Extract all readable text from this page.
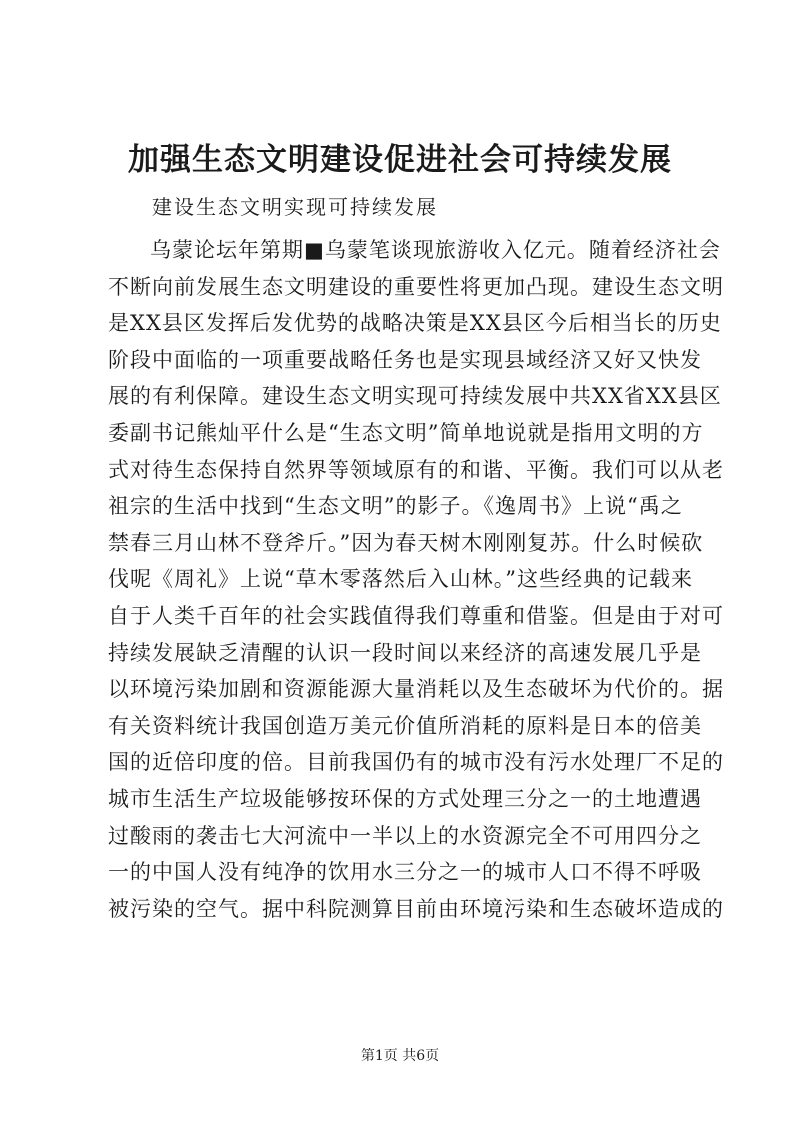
加强生态文明建设促进社会可持续发展

建设生态文明实现可持续发展

乌蒙论坛年第期■乌蒙笔谈现旅游收入亿元。随着经济社会
不断向前发展生态文明建设的重要性将更加凸现。建设生态文明
是XX县区发挥后发优势的战略决策是XX县区今后相当长的历史
阶段中面临的一项重要战略任务也是实现县域经济又好又快发
展的有利保障。建设生态文明实现可持续发展中共XX省XX县区
委副书记熊灿平什么是“生态文明”简单地说就是指用文明的方
式对待生态保持自然界等领域原有的和谐、平衡。我们可以从老
祖宗的生活中找到“生态文明”的影子。《逸周书》上说“禹之
禁春三月山林不登斧斤。”因为春天树木刚刚复苏。什么时候砍
伐呢《周礼》上说“草木零落然后入山林。”这些经典的记载来
自于人类千百年的社会实践值得我们尊重和借鉴。但是由于对可
持续发展缺乏清醒的认识一段时间以来经济的高速发展几乎是
以环境污染加剧和资源能源大量消耗以及生态破坏为代价的。据
有关资料统计我国创造万美元价值所消耗的原料是日本的倍美
国的近倍印度的倍。目前我国仍有的城市没有污水处理厂不足的
城市生活生产垃圾能够按环保的方式处理三分之一的土地遭遇
过酸雨的袭击七大河流中一半以上的水资源完全不可用四分之
一的中国人没有纯净的饮用水三分之一的城市人口不得不呼吸
被污染的空气。据中科院测算目前由环境污染和生态破坏造成的

第1页 共6页
